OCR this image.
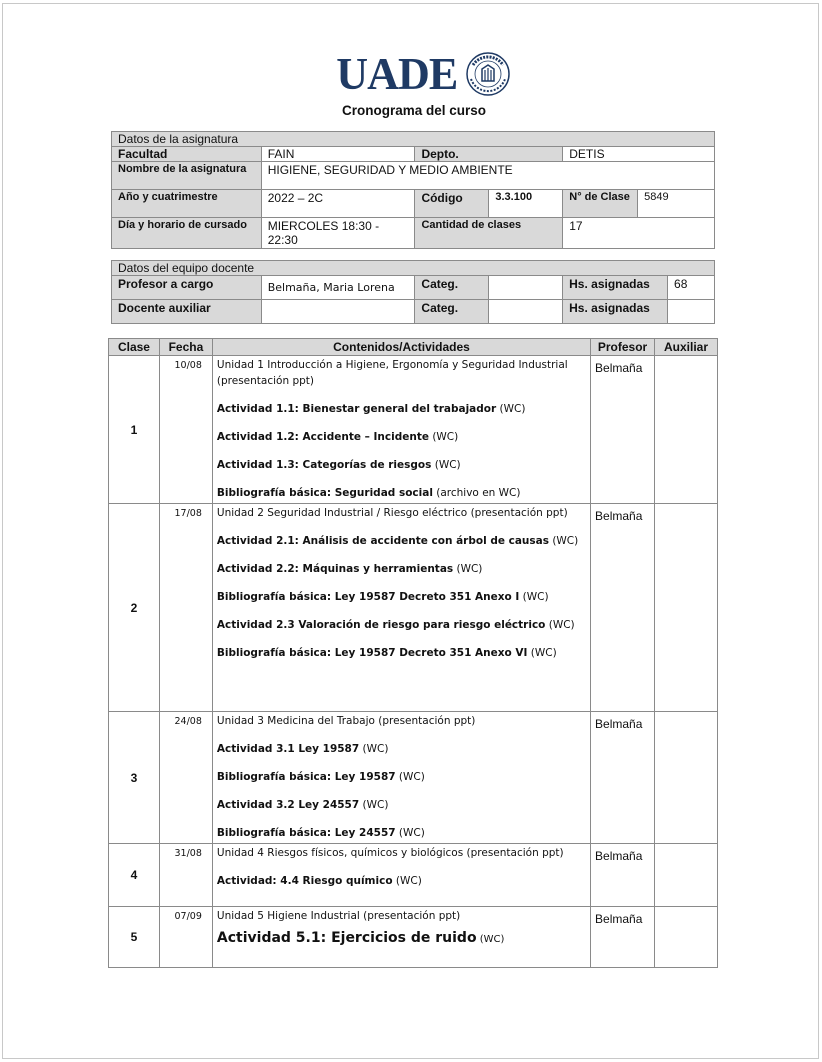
UADE
Cronograma del curso
Datos de la asignatura					
Facultad	FAIN	Depto.		DETIS	
Nombre de la asignatura	HIGIENE, SEGURIDAD Y MEDIO AMBIENTE				
Año y cuatrimestre	2022 – 2C	Código	3.3.100	N° de Clase	5849
Día y horario de cursado	MIERCOLES 18:30 - 22:30	Cantidad de clases		17	
Datos del equipo docente					
Profesor a cargo	Belmaña, Maria Lorena	Categ.		Hs. asignadas	68
Docente auxiliar		Categ.		Hs. asignadas	
Clase	Fecha	Contenidos/Actividades	Profesor	Auxiliar
1	10/08	Unidad 1 Introducción a Higiene, Ergonomía y Seguridad Industrial (presentación ppt)

Actividad 1.1: Bienestar general del trabajador (WC)

Actividad 1.2: Accidente – Incidente (WC)

Actividad 1.3: Categorías de riesgos (WC)

Bibliografía básica: Seguridad social (archivo en WC)	Belmaña	
2	17/08	Unidad 2 Seguridad Industrial / Riesgo eléctrico (presentación ppt)

Actividad 2.1: Análisis de accidente con árbol de causas (WC)

Actividad 2.2: Máquinas y herramientas (WC)

Bibliografía básica: Ley 19587 Decreto 351 Anexo I (WC)

Actividad 2.3 Valoración de riesgo para riesgo eléctrico (WC)

Bibliografía básica: Ley 19587 Decreto 351 Anexo VI (WC)

	Belmaña	
3	24/08	Unidad 3 Medicina del Trabajo (presentación ppt)

Actividad 3.1 Ley 19587 (WC)

Bibliografía básica: Ley 19587 (WC)

Actividad 3.2 Ley 24557 (WC)

Bibliografía básica: Ley 24557 (WC)	Belmaña	
4	31/08	Unidad 4 Riesgos físicos, químicos y biológicos (presentación ppt)

Actividad: 4.4 Riesgo químico (WC)	Belmaña	
5	07/09	Unidad 5 Higiene Industrial (presentación ppt)

Actividad 5.1: Ejercicios de ruido (WC)	Belmaña	
